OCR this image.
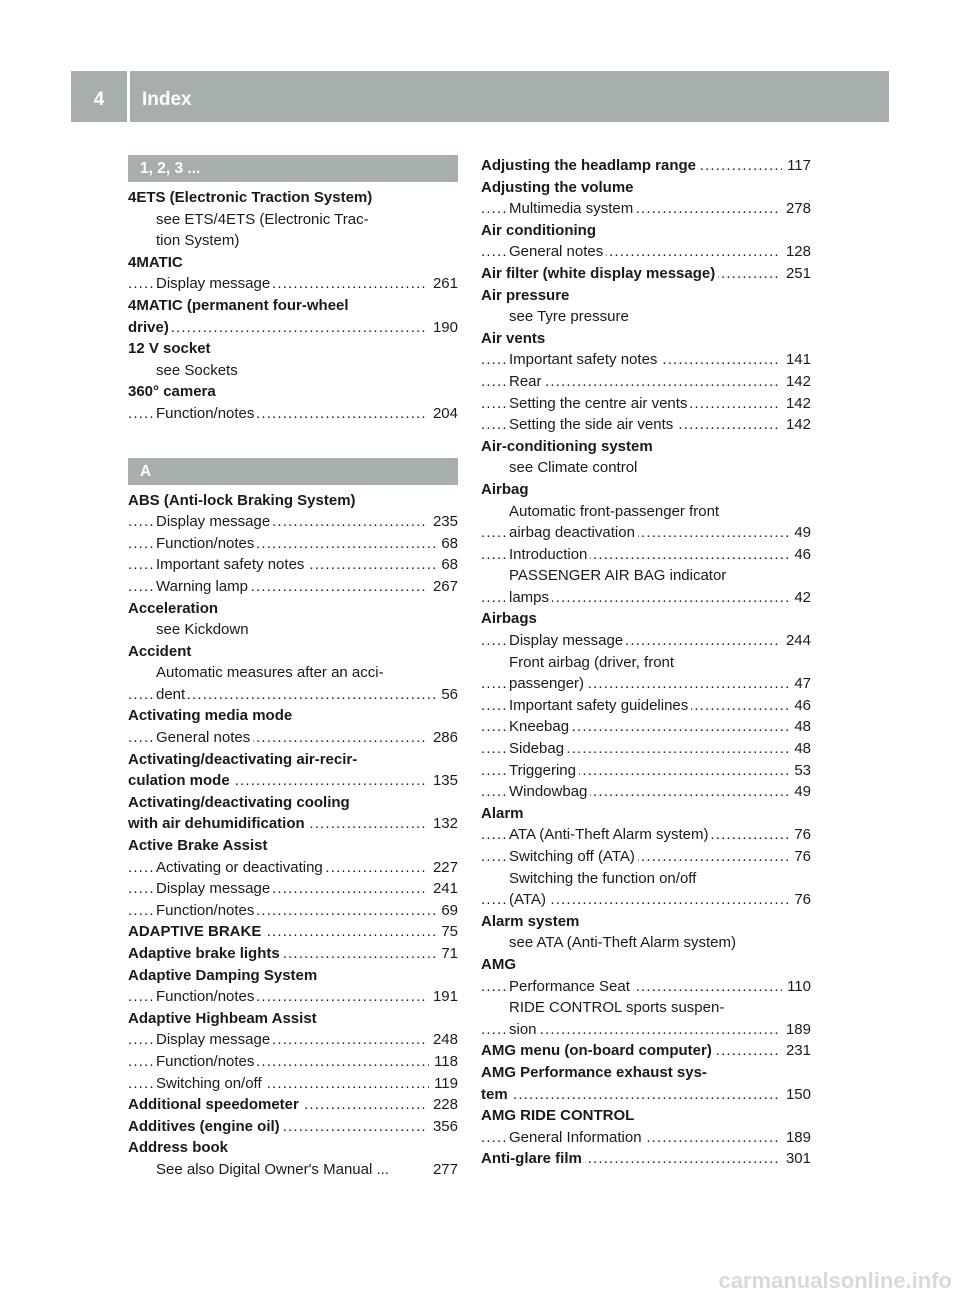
4	Index
1, 2, 3 ...
4ETS (Electronic Traction System)
see ETS/4ETS (Electronic Trac-
tion System)
4MATIC
. . . Display message	261
4MATIC (permanent four-wheel
. . . drive)	190
12 V socket
see Sockets
360° camera
. . . Function/notes	204
A
ABS (Anti-lock Braking System)
. . . Display message	235
. . . Function/notes	68
. . . Important safety notes	68
. . . Warning lamp	267
Acceleration
see Kickdown
Accident
Automatic measures after an acci-
. . . dent	56
Activating media mode
. . . General notes	286
Activating/deactivating air-recir-
. . . culation mode	135
Activating/deactivating cooling
. . . with air dehumidification	132
Active Brake Assist
. . . Activating or deactivating	227
. . . Display message	241
. . . Function/notes	69
. . . ADAPTIVE BRAKE	75
. . . Adaptive brake lights	71
Adaptive Damping System
. . . Function/notes	191
Adaptive Highbeam Assist
. . . Display message	248
. . . Function/notes	118
. . . Switching on/off	119
. . . Additional speedometer	228
. . . Additives (engine oil)	356
Address book
See also Digital Owner's Manual ...	277
. . . Adjusting the headlamp range	117
Adjusting the volume
. . . Multimedia system	278
Air conditioning
. . . General notes	128
. . . Air filter (white display message)	251
Air pressure
see Tyre pressure
Air vents
. . . Important safety notes	141
. . . Rear	142
. . . Setting the centre air vents	142
. . . Setting the side air vents	142
Air-conditioning system
see Climate control
Airbag
Automatic front-passenger front
. . . airbag deactivation	49
. . . Introduction	46
PASSENGER AIR BAG indicator
. . . lamps	42
Airbags
. . . Display message	244
Front airbag (driver, front
. . . passenger)	47
. . . Important safety guidelines	46
. . . Kneebag	48
. . . Sidebag	48
. . . Triggering	53
. . . Windowbag	49
Alarm
. . . ATA (Anti-Theft Alarm system)	76
. . . Switching off (ATA)	76
Switching the function on/off
. . . (ATA)	76
Alarm system
see ATA (Anti-Theft Alarm system)
AMG
. . . Performance Seat	110
RIDE CONTROL sports suspen-
. . . sion	189
. . . AMG menu (on-board computer)	231
AMG Performance exhaust sys-
. . . tem	150
AMG RIDE CONTROL
. . . General Information	189
. . . Anti-glare film	301
carmanualsonline.info
